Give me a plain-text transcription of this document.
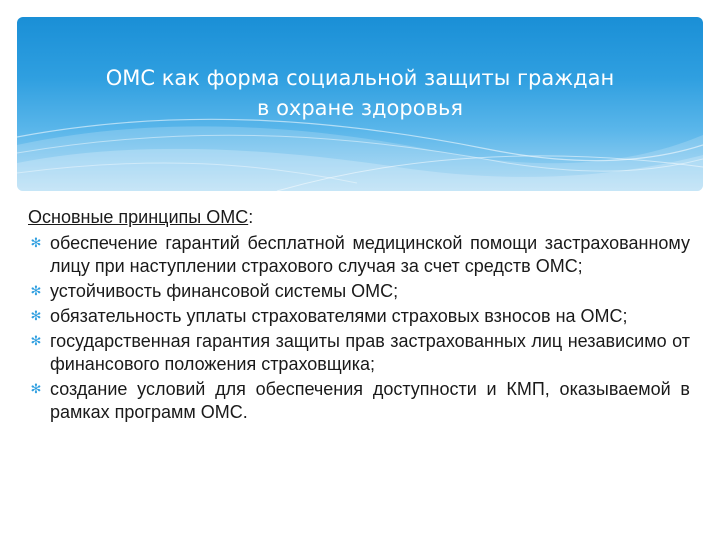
ОМС как форма социальной защиты граждан
в охране здоровья
Основные принципы ОМС:
✻ обеспечение гарантий бесплатной медицинской помощи застрахованному лицу при наступлении страхового случая за счет средств ОМС;
✻ устойчивость финансовой системы ОМС;
✻ обязательность уплаты страхователями страховых взносов на ОМС;
✻ государственная гарантия защиты прав застрахованных лиц независимо от финансового положения страховщика;
✻ создание условий для обеспечения доступности и КМП, оказываемой в рамках программ ОМС.
